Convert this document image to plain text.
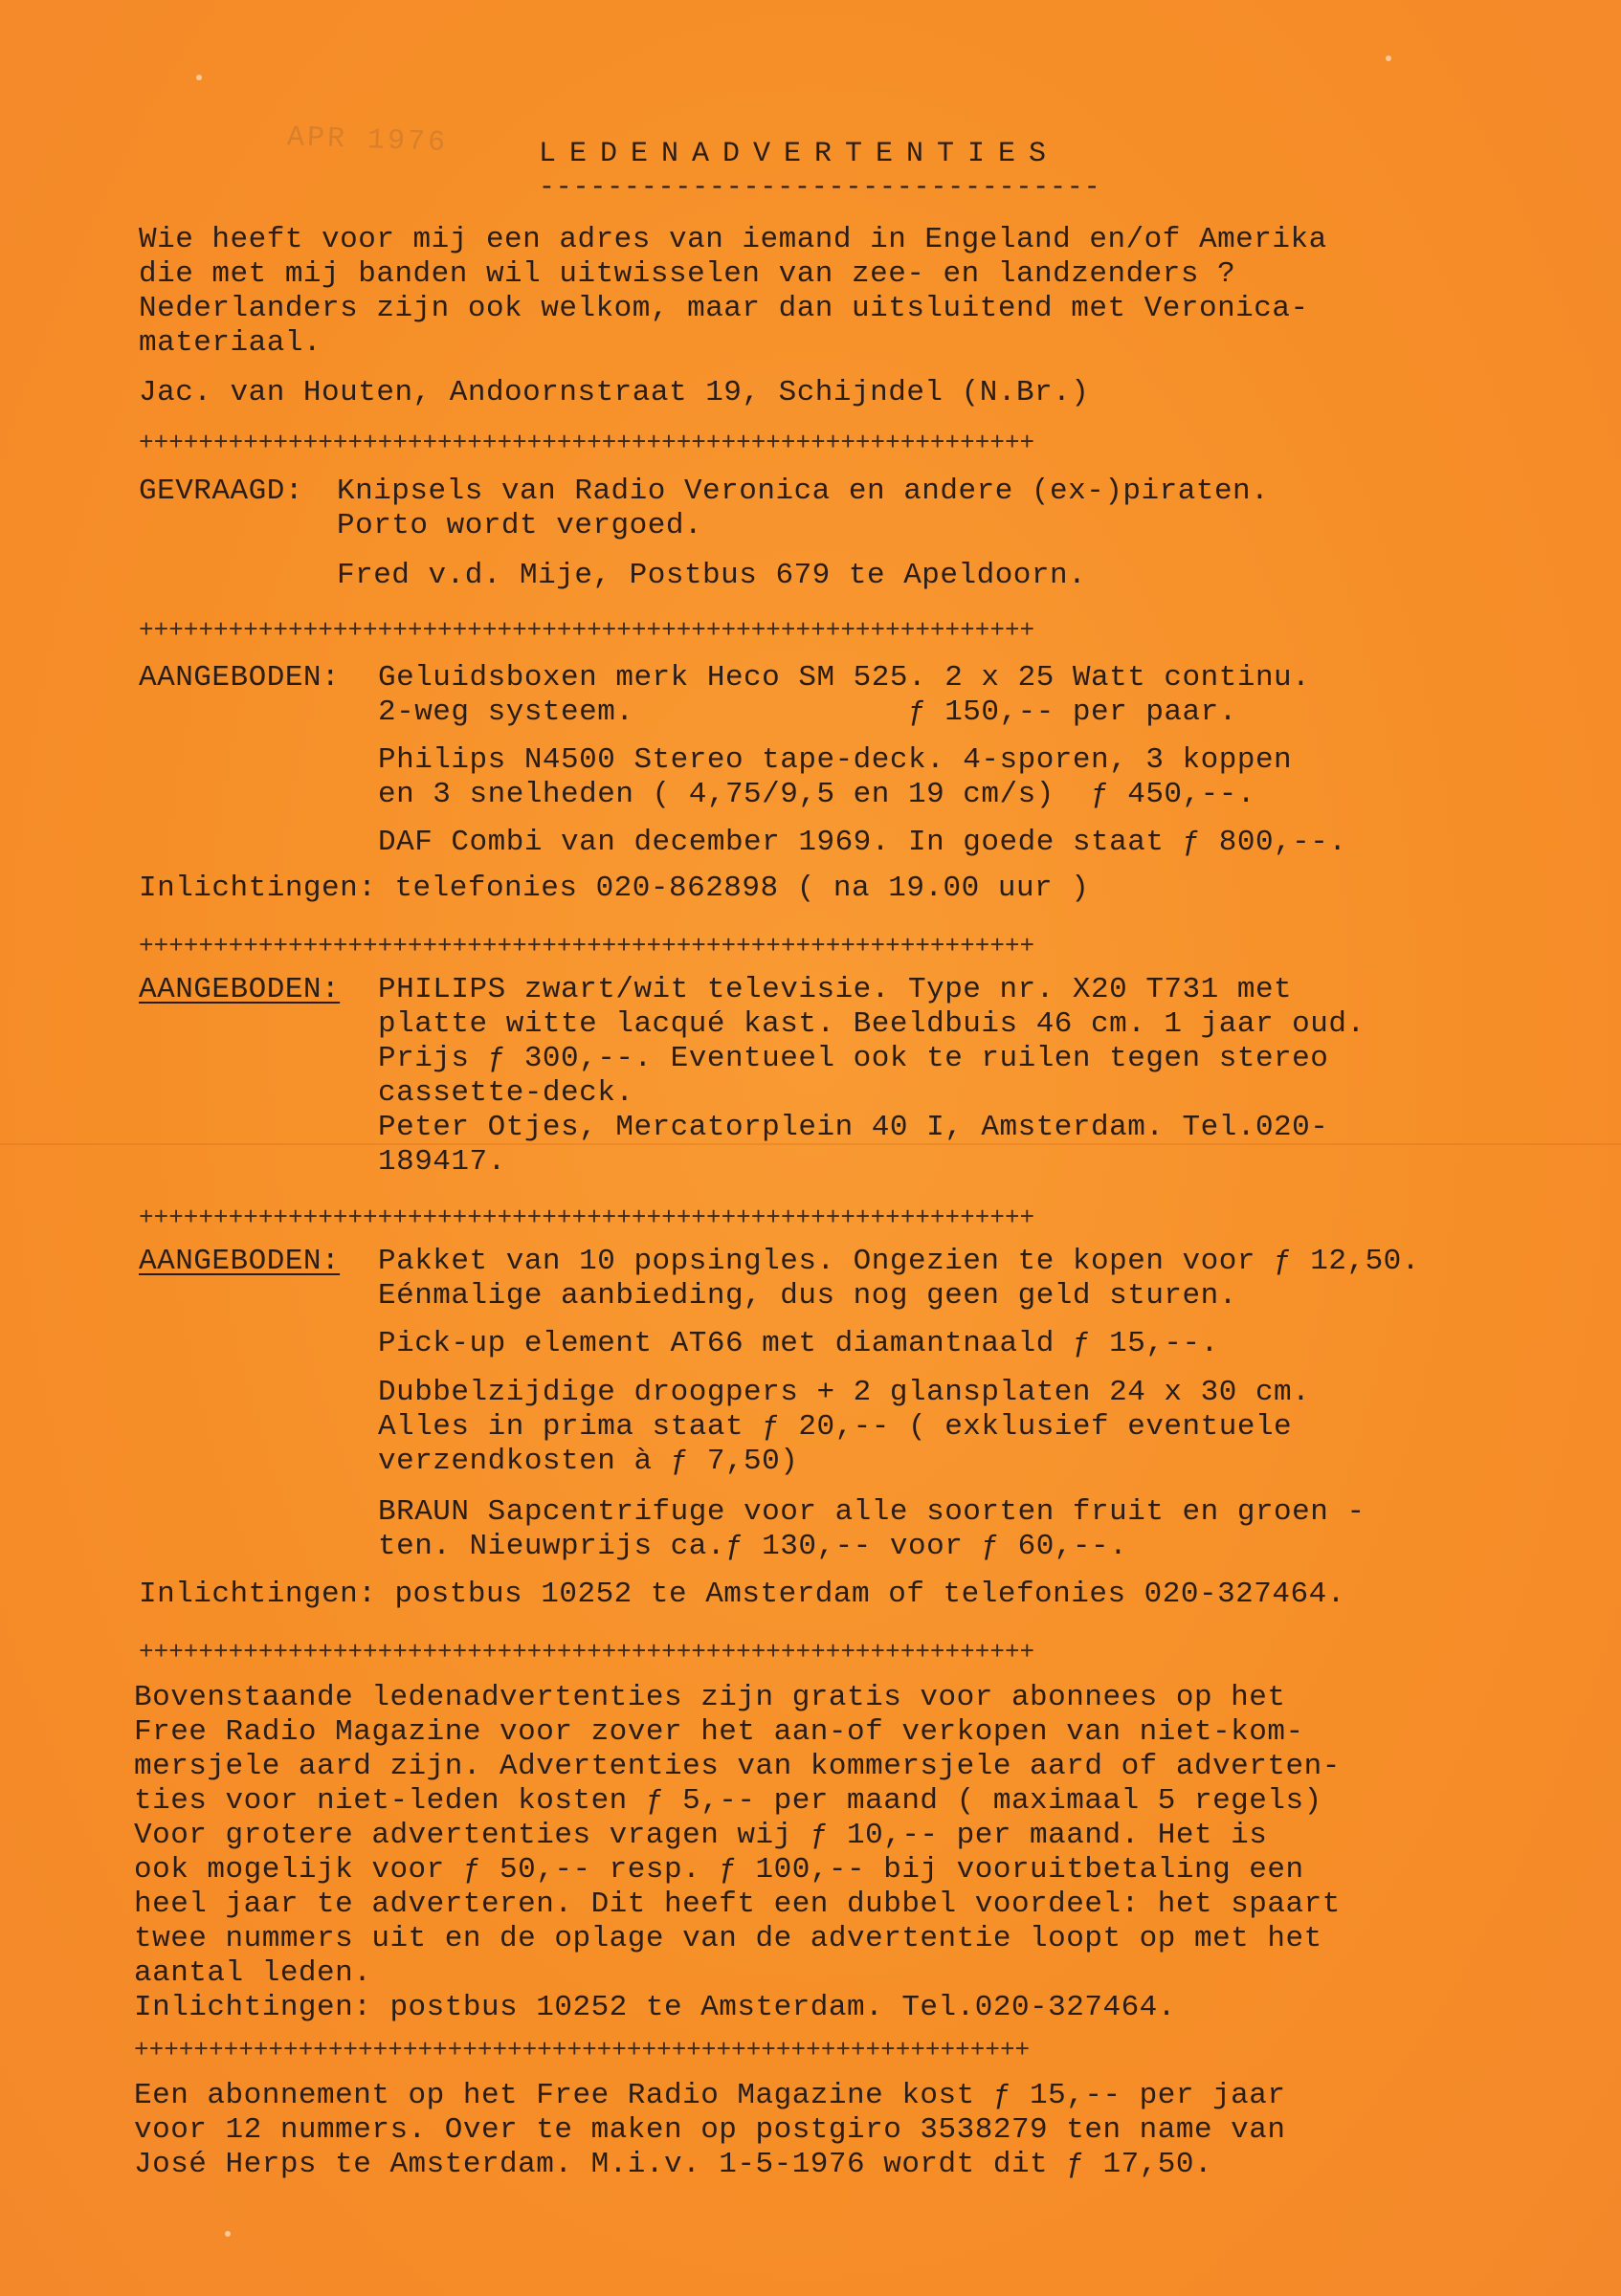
APR 1976	LEDENADVERTENTIES
---------------------------------
Wie heeft voor mij een adres van iemand in Engeland en/of Amerika
die met mij banden wil uitwisselen van zee- en landzenders ?
Nederlanders zijn ook welkom, maar dan uitsluitend met Veronica-
materiaal.
Jac. van Houten, Andoornstraat 19, Schijndel (N.Br.)
++++++++++++++++++++++++++++++++++++++++++++++++++++++++++++
GEVRAAGD: Knipsels van Radio Veronica en andere (ex-)piraten.
Porto wordt vergoed.
Fred v.d. Mije, Postbus 679 te Apeldoorn.
++++++++++++++++++++++++++++++++++++++++++++++++++++++++++++
AANGEBODEN: Geluidsboxen merk Heco SM 525. 2 x 25 Watt continu.
2-weg systeem.               ƒ 150,-- per paar.
Philips N4500 Stereo tape-deck. 4-sporen, 3 koppen
en 3 snelheden ( 4,75/9,5 en 19 cm/s)  ƒ 450,--.
DAF Combi van december 1969. In goede staat ƒ 800,--.
Inlichtingen: telefonies 020-862898 ( na 19.00 uur )
++++++++++++++++++++++++++++++++++++++++++++++++++++++++++++
AANGEBODEN: PHILIPS zwart/wit televisie. Type nr. X20 T731 met
platte witte lacqué kast. Beeldbuis 46 cm. 1 jaar oud.
Prijs ƒ 300,--. Eventueel ook te ruilen tegen stereo
cassette-deck.
Peter Otjes, Mercatorplein 40 I, Amsterdam. Tel.020-
189417.
++++++++++++++++++++++++++++++++++++++++++++++++++++++++++++
AANGEBODEN: Pakket van 10 popsingles. Ongezien te kopen voor ƒ 12,50.
Eénmalige aanbieding, dus nog geen geld sturen.
Pick-up element AT66 met diamantnaald ƒ 15,--.
Dubbelzijdige droogpers + 2 glansplaten 24 x 30 cm.
Alles in prima staat ƒ 20,-- ( exklusief eventuele
verzendkosten à ƒ 7,50)
BRAUN Sapcentrifuge voor alle soorten fruit en groen -
ten. Nieuwprijs ca.ƒ 130,-- voor ƒ 60,--.
Inlichtingen: postbus 10252 te Amsterdam of telefonies 020-327464.
++++++++++++++++++++++++++++++++++++++++++++++++++++++++++++
Bovenstaande ledenadvertenties zijn gratis voor abonnees op het
Free Radio Magazine voor zover het aan-of verkopen van niet-kom-
mersjele aard zijn. Advertenties van kommersjele aard of adverten-
ties voor niet-leden kosten ƒ 5,-- per maand ( maximaal 5 regels)
Voor grotere advertenties vragen wij ƒ 10,-- per maand. Het is
ook mogelijk voor ƒ 50,-- resp. ƒ 100,-- bij vooruitbetaling een
heel jaar te adverteren. Dit heeft een dubbel voordeel: het spaart
twee nummers uit en de oplage van de advertentie loopt op met het
aantal leden.
Inlichtingen: postbus 10252 te Amsterdam. Tel.020-327464.
++++++++++++++++++++++++++++++++++++++++++++++++++++++++++++
Een abonnement op het Free Radio Magazine kost ƒ 15,-- per jaar
voor 12 nummers. Over te maken op postgiro 3538279 ten name van
José Herps te Amsterdam. M.i.v. 1-5-1976 wordt dit ƒ 17,50.
